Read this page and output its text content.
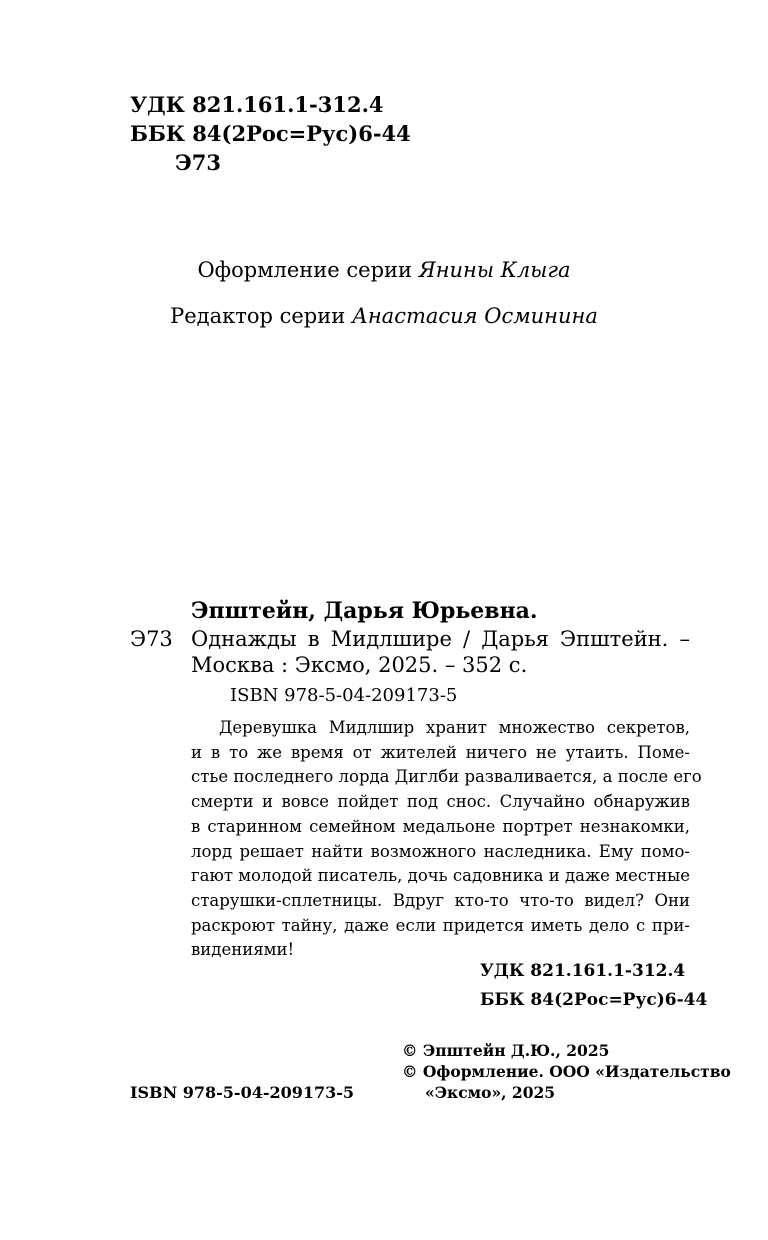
УДК 821.161.1-312.4
ББК 84(2Рос=Рус)6-44
Э73
Оформление серии Янины Клыга
Редактор серии Анастасия Осминина
Эпштейн, Дарья Юрьевна.
Э73 Однажды в Мидлшире / Дарья Эпштейн. –
Москва : Эксмо, 2025. – 352 с.
ISBN 978-5-04-209173-5
Деревушка Мидлшир хранит множество секретов,
и в то же время от жителей ничего не утаить. Поме-
стье последнего лорда Диглби разваливается, а после его
смерти и вовсе пойдет под снос. Случайно обнаружив
в старинном семейном медальоне портрет незнакомки,
лорд решает найти возможного наследника. Ему помо-
гают молодой писатель, дочь садовника и даже местные
старушки-сплетницы. Вдруг кто-то что-то видел? Они
раскроют тайну, даже если придется иметь дело с при-
видениями!
УДК 821.161.1-312.4
ББК 84(2Рос=Рус)6-44
© Эпштейн Д.Ю., 2025
© Оформление. ООО «Издательство
«Эксмо», 2025
ISBN 978-5-04-209173-5
